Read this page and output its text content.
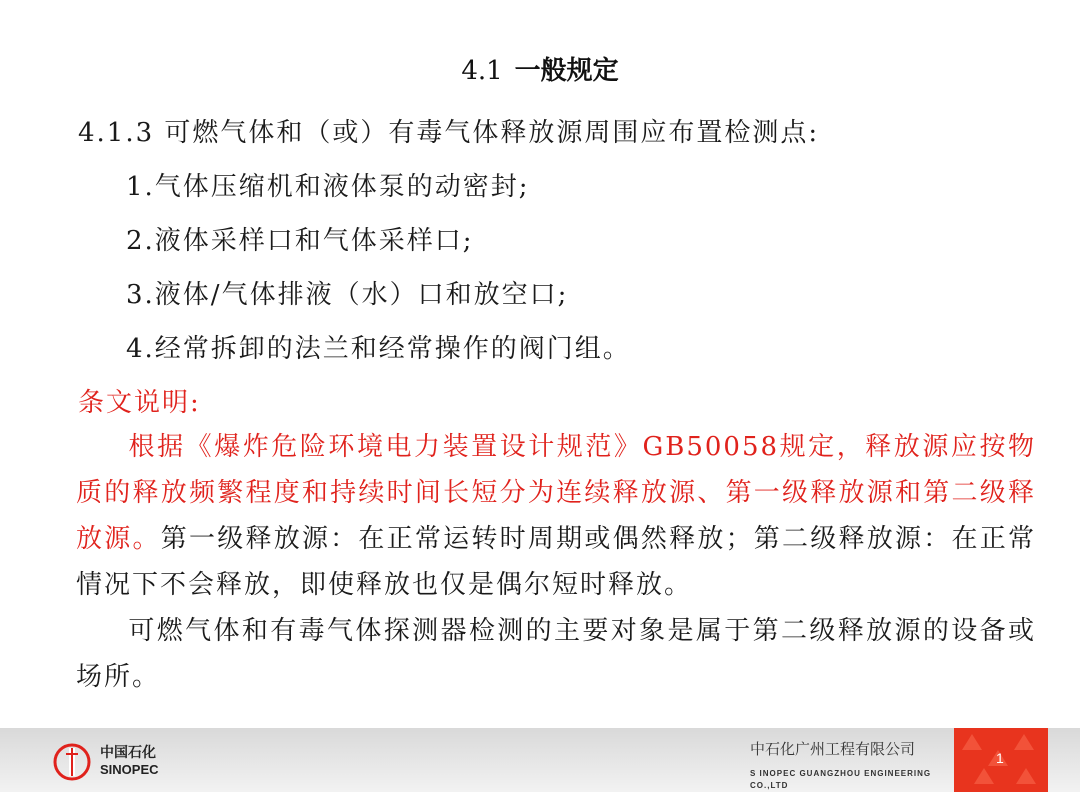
4.1 一般规定
4.1.3 可燃气体和（或）有毒气体释放源周围应布置检测点:
1.气体压缩机和液体泵的动密封;
2.液体采样口和气体采样口;
3.液体/气体排液（水）口和放空口;
4.经常拆卸的法兰和经常操作的阀门组。
条文说明:
根据《爆炸危险环境电力装置设计规范》GB50058规定，释放源应按物质的释放频繁程度和持续时间长短分为连续释放源、第一级释放源和第二级释放源。第一级释放源：在正常运转时周期或偶然释放；第二级释放源：在正常情况下不会释放，即使释放也仅是偶尔短时释放。
可燃气体和有毒气体探测器检测的主要对象是属于第二级释放源的设备或场所。
中国石化
SINOPEC
中石化广州工程有限公司
S INOPEC GUANGZHOU ENGINEERING CO.,LTD
1
